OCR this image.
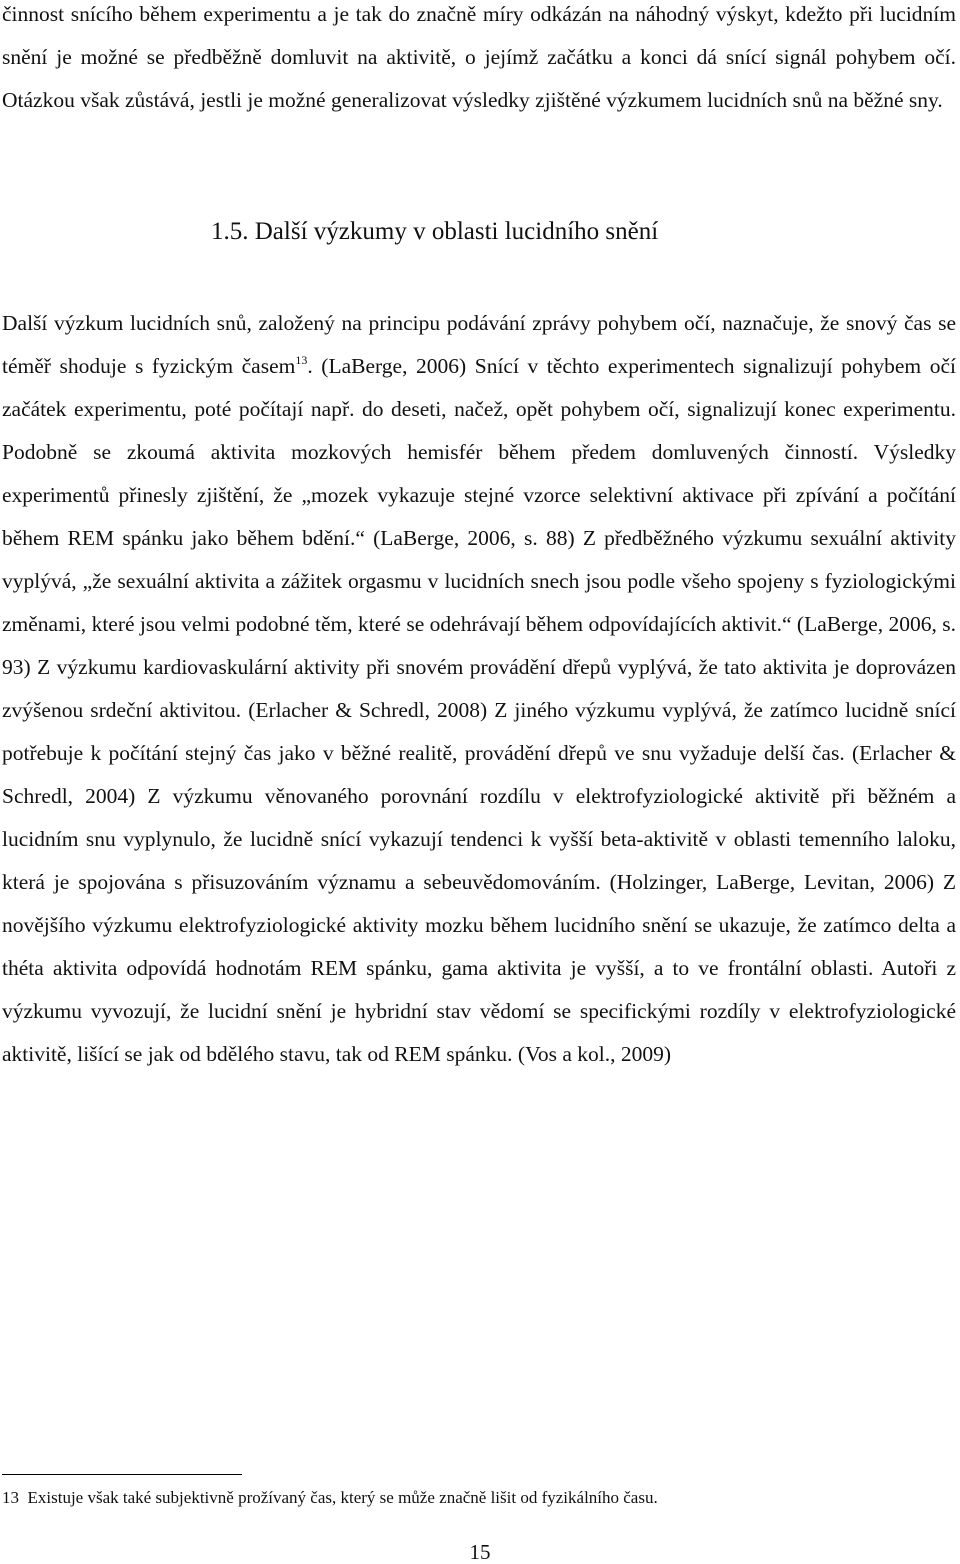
činnost snícího během experimentu a je tak do značně míry odkázán na náhodný výskyt, kdežto při lucidním snění je možné se předběžně domluvit na aktivitě, o jejímž začátku a konci dá snící signál pohybem očí. Otázkou však zůstává, jestli je možné generalizovat výsledky zjištěné výzkumem lucidních snů na běžné sny.

1.5. Další výzkumy v oblasti lucidního snění

Další výzkum lucidních snů, založený na principu podávání zprávy pohybem očí, naznačuje, že snový čas se téměř shoduje s fyzickým časem$^{13}$. (LaBerge, 2006) Snící v těchto experimentech signalizují pohybem očí začátek experimentu, poté počítají např. do deseti, načež, opět pohybem očí, signalizují konec experimentu. Podobně se zkoumá aktivita mozkových hemisfér během předem domluvených činností. Výsledky experimentů přinesly zjištění, že „mozek vykazuje stejné vzorce selektivní aktivace při zpívání a počítání během REM spánku jako během bdění.“ (LaBerge, 2006, s. 88) Z předběžného výzkumu sexuální aktivity vyplývá, „že sexuální aktivita a zážitek orgasmu v lucidních snech jsou podle všeho spojeny s fyziologickými změnami, které jsou velmi podobné těm, které se odehrávají během odpovídajících aktivit.“ (LaBerge, 2006, s. 93) Z výzkumu kardiovaskulární aktivity při snovém provádění dřepů vyplývá, že tato aktivita je doprovázen zvýšenou srdeční aktivitou. (Erlacher & Schredl, 2008) Z jiného výzkumu vyplývá, že zatímco lucidně snící potřebuje k počítání stejný čas jako v běžné realitě, provádění dřepů ve snu vyžaduje delší čas. (Erlacher & Schredl, 2004) Z výzkumu věnovaného porovnání rozdílu v elektrofyziologické aktivitě při běžném a lucidním snu vyplynulo, že lucidně snící vykazují tendenci k vyšší beta-aktivitě v oblasti temenního laloku, která je spojována s přisuzováním významu a sebeuvědomováním. (Holzinger, LaBerge, Levitan, 2006) Z novějšího výzkumu elektrofyziologické aktivity mozku během lucidního snění se ukazuje, že zatímco delta a théta aktivita odpovídá hodnotám REM spánku, gama aktivita je vyšší, a to ve frontální oblasti. Autoři z výzkumu vyvozují, že lucidní snění je hybridní stav vědomí se specifickými rozdíly v elektrofyziologické aktivitě, lišící se jak od bdělého stavu, tak od REM spánku. (Vos a kol., 2009)

13 Existuje však také subjektivně prožívaný čas, který se může značně lišit od fyzikálního času.

15
